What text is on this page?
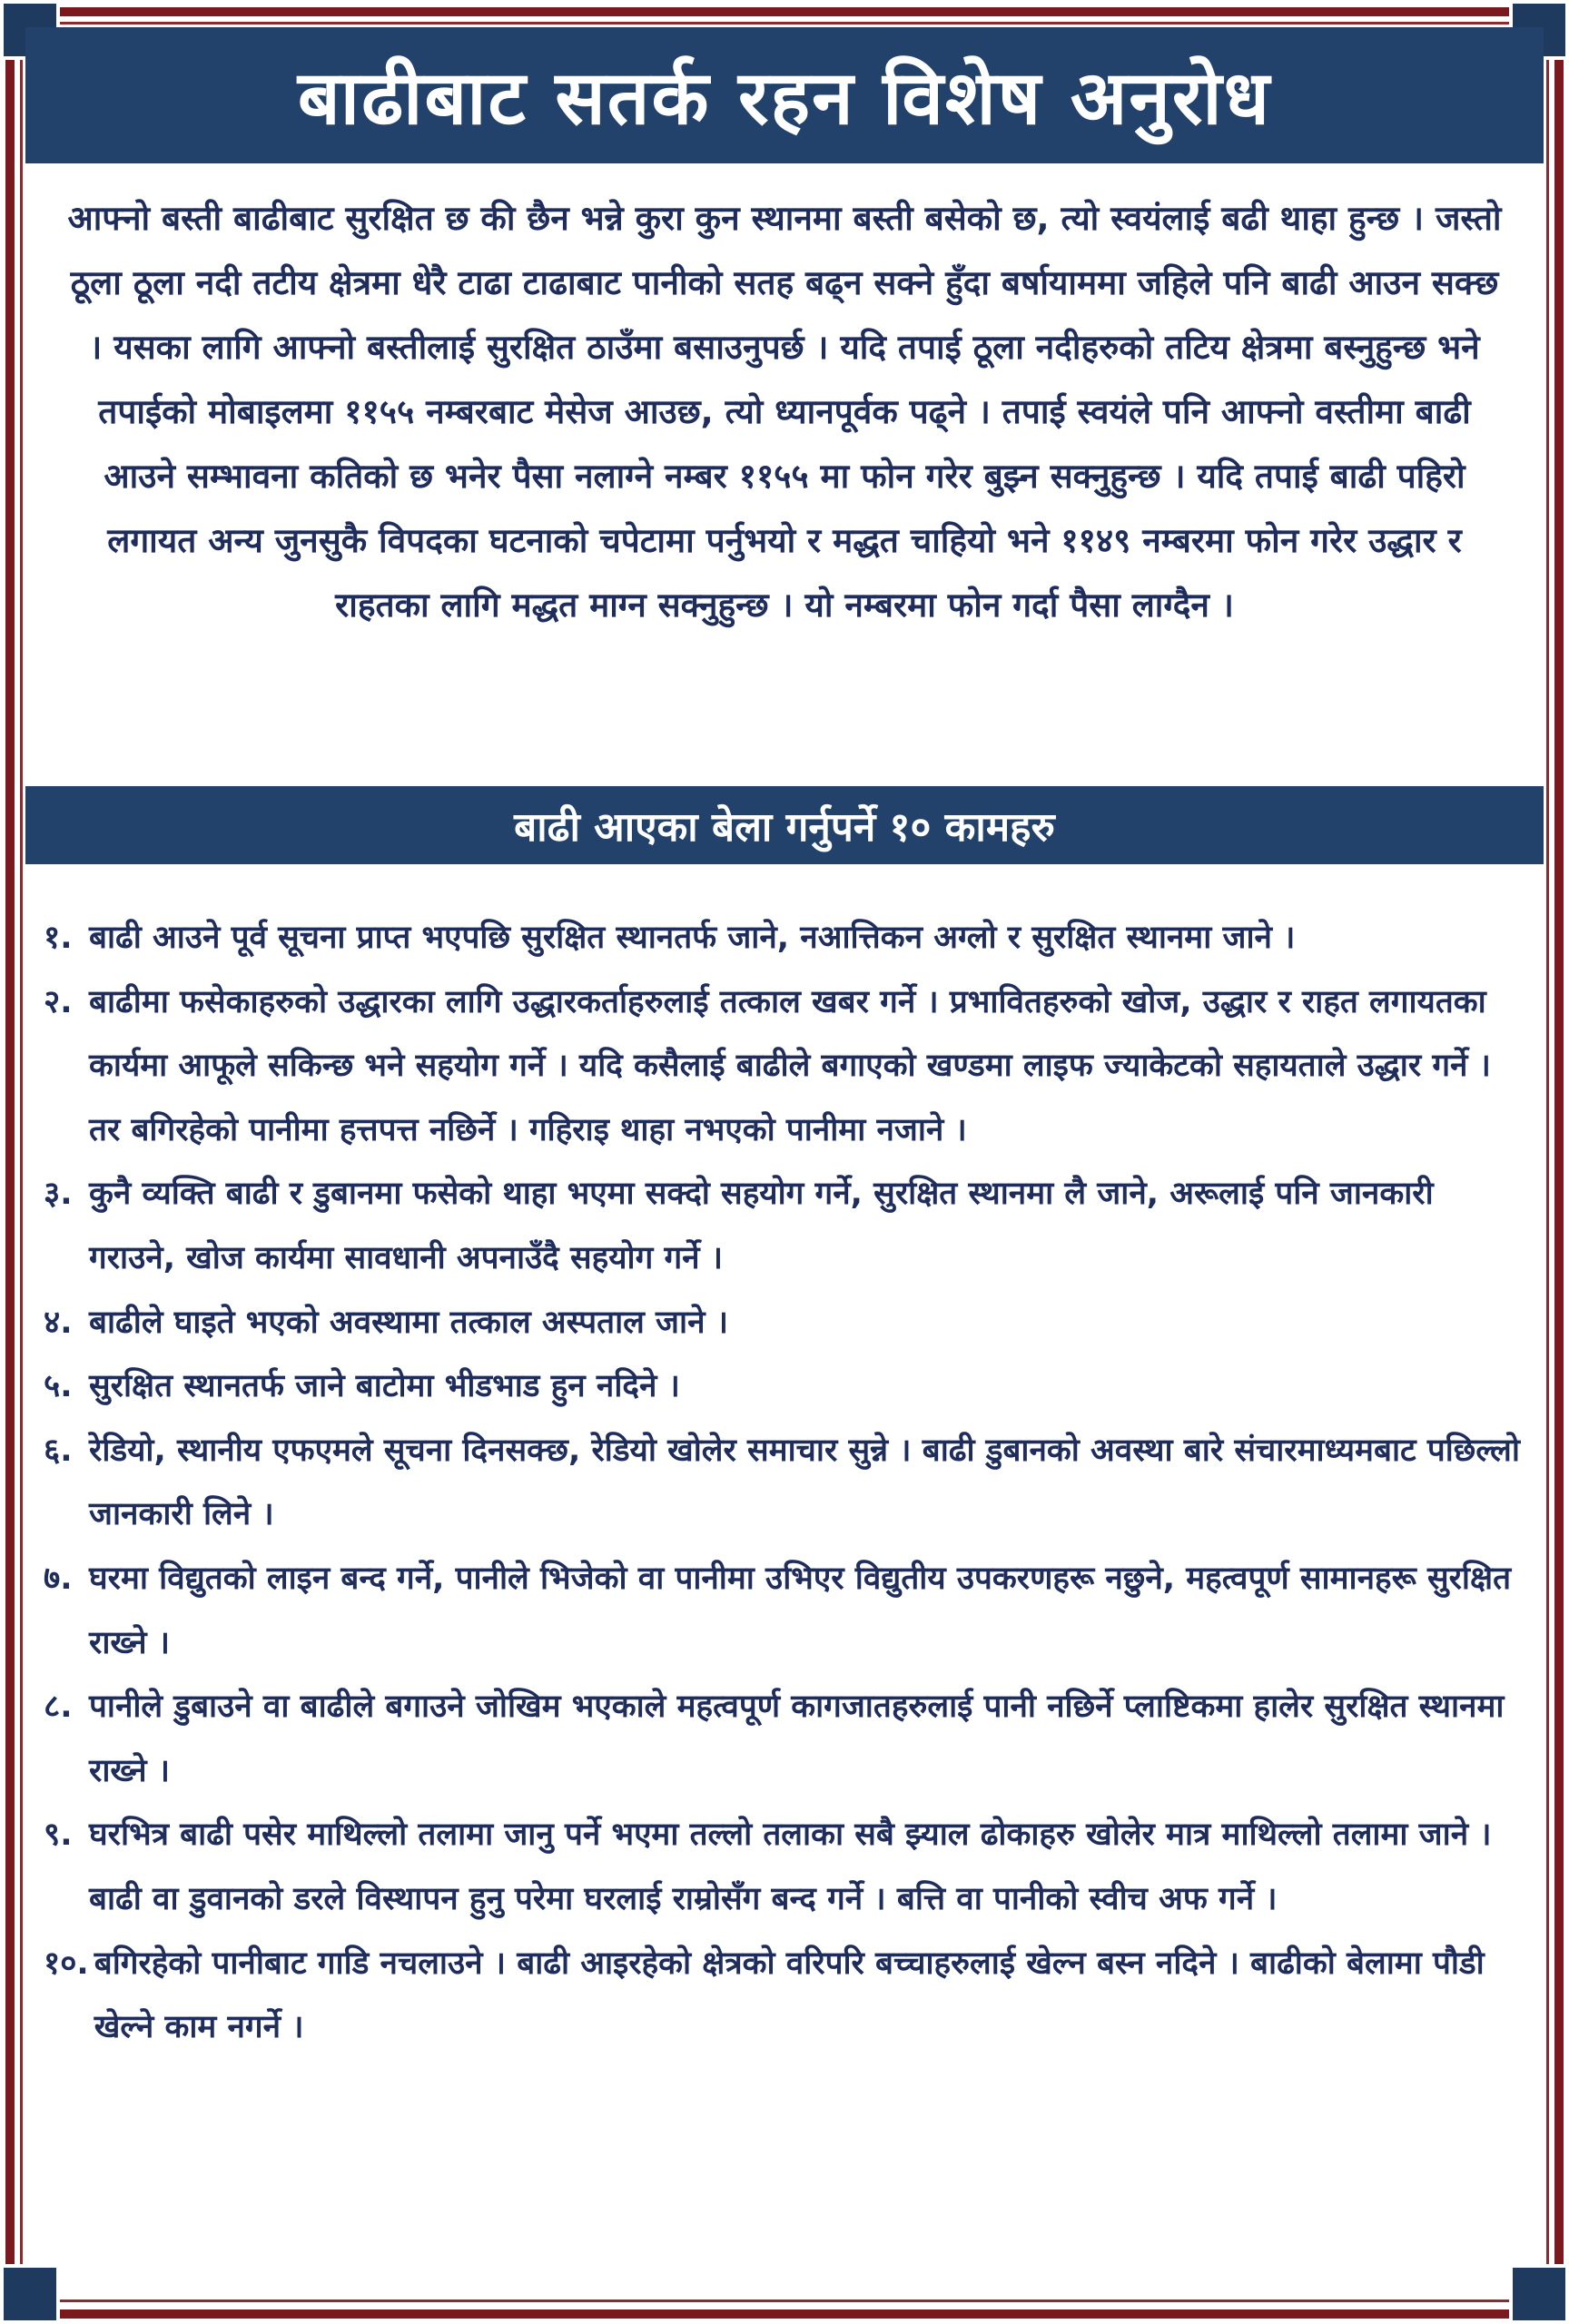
बाढीबाट सतर्क रहन विशेष अनुरोध

आफ्नो बस्ती बाढीबाट सुरक्षित छ की छैन भन्ने कुरा कुन स्थानमा बस्ती बसेको छ, त्यो स्वयंलाई बढी थाहा हुन्छ । जस्तो ठूला ठूला नदी तटीय क्षेत्रमा धेरै टाढा टाढाबाट पानीको सतह बढ्न सक्ने हुँदा बर्षायाममा जहिले पनि बाढी आउन सक्छ । यसका लागि आफ्नो बस्तीलाई सुरक्षित ठाउँमा बसाउनुपर्छ । यदि तपाई ठूला नदीहरुको तटिय क्षेत्रमा बस्नुहुन्छ भने तपाईको मोबाइलमा ११५५ नम्बरबाट मेसेज आउछ, त्यो ध्यानपूर्वक पढ्ने । तपाई स्वयंले पनि आफ्नो वस्तीमा बाढी आउने सम्भावना कतिको छ भनेर पैसा नलाग्ने नम्बर ११५५ मा फोन गरेर बुझ्न सक्नुहुन्छ । यदि तपाई बाढी पहिरो लगायत अन्य जुनसुकै विपदका घटनाको चपेटामा पर्नुभयो र मद्धत चाहियो भने ११४९ नम्बरमा फोन गरेर उद्धार र राहतका लागि मद्धत माग्न सक्नुहुन्छ । यो नम्बरमा फोन गर्दा पैसा लाग्दैन ।

बाढी आएका बेला गर्नुपर्ने १० कामहरु
१. बाढी आउने पूर्व सूचना प्राप्त भएपछि सुरक्षित स्थानतर्फ जाने, नआत्तिकन अग्लो र सुरक्षित स्थानमा जाने ।
२. बाढीमा फसेकाहरुको उद्धारका लागि उद्धारकर्ताहरुलाई तत्काल खबर गर्ने । प्रभावितहरुको खोज, उद्धार र राहत लगायतका कार्यमा आफूले सकिन्छ भने सहयोग गर्ने । यदि कसैलाई बाढीले बगाएको खण्डमा लाइफ ज्याकेटको सहायताले उद्धार गर्ने । तर बगिरहेको पानीमा हत्तपत्त नछिर्ने । गहिराइ थाहा नभएको पानीमा नजाने ।
३. कुनै व्यक्ति बाढी र डुबानमा फसेको थाहा भएमा सक्दो सहयोग गर्ने, सुरक्षित स्थानमा लै जाने, अरूलाई पनि जानकारी गराउने, खोज कार्यमा सावधानी अपनाउँदै सहयोग गर्ने ।
४. बाढीले घाइते भएको अवस्थामा तत्काल अस्पताल जाने ।
५. सुरक्षित स्थानतर्फ जाने बाटोमा भीडभाड हुन नदिने ।
६. रेडियो, स्थानीय एफएमले सूचना दिनसक्छ, रेडियो खोलेर समाचार सुन्ने । बाढी डुबानको अवस्था बारे संचारमाध्यमबाट पछिल्लो जानकारी लिने ।
७. घरमा विद्युतको लाइन बन्द गर्ने, पानीले भिजेको वा पानीमा उभिएर विद्युतीय उपकरणहरू नछुने, महत्वपूर्ण सामानहरू सुरक्षित राख्ने ।
८. पानीले डुबाउने वा बाढीले बगाउने जोखिम भएकाले महत्वपूर्ण कागजातहरुलाई पानी नछिर्ने प्लाष्टिकमा हालेर सुरक्षित स्थानमा राख्ने ।
९. घरभित्र बाढी पसेर माथिल्लो तलामा जानु पर्ने भएमा तल्लो तलाका सबै झ्याल ढोकाहरु खोलेर मात्र माथिल्लो तलामा जाने । बाढी वा डुवानको डरले विस्थापन हुनु परेमा घरलाई राम्रोसँग बन्द गर्ने । बत्ति वा पानीको स्वीच अफ गर्ने ।
१०. बगिरहेको पानीबाट गाडि नचलाउने । बाढी आइरहेको क्षेत्रको वरिपरि बच्चाहरुलाई खेल्न बस्न नदिने । बाढीको बेलामा पौडी खेल्ने काम नगर्ने ।
